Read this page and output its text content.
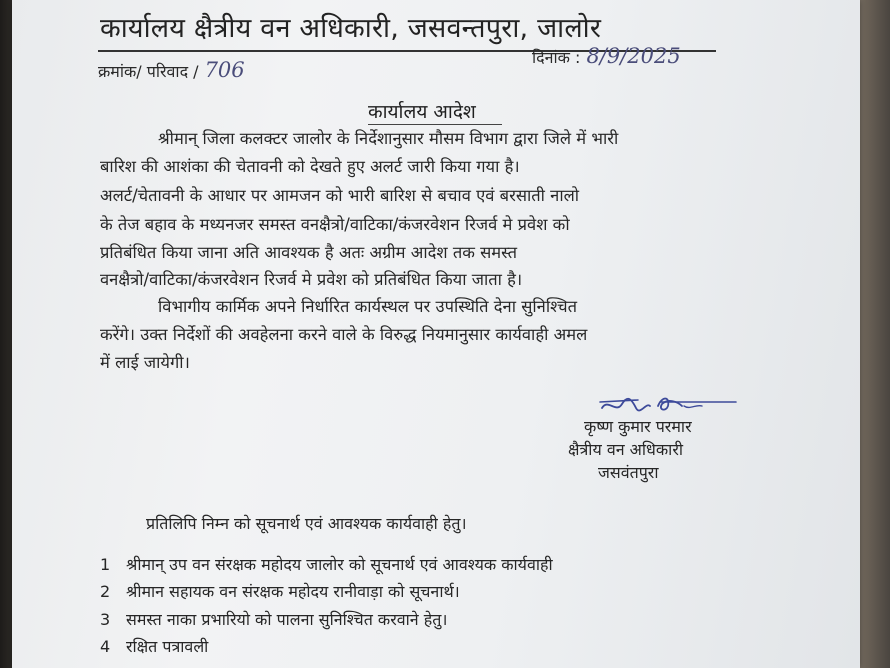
कार्यालय क्षैत्रीय वन अधिकारी, जसवन्तपुरा, जालोर
क्रमांक/ परिवाद / 706
दिनांक : 8/9/2025
कार्यालय आदेश
श्रीमान् जिला कलक्टर जालोर के निर्देशानुसार मौसम विभाग द्वारा जिले में भारी
बारिश की आशंका की चेतावनी को देखते हुए अलर्ट जारी किया गया है।
अलर्ट/चेतावनी के आधार पर आमजन को भारी बारिश से बचाव एवं बरसाती नालो
के तेज बहाव के मध्यनजर समस्त वनक्षैत्रो/वाटिका/कंजरवेशन रिजर्व मे प्रवेश को
प्रतिबंधित किया जाना अति आवश्यक है अतः अग्रीम आदेश तक समस्त
वनक्षैत्रो/वाटिका/कंजरवेशन रिजर्व मे प्रवेश को प्रतिबंधित किया जाता है।
विभागीय कार्मिक अपने निर्धारित कार्यस्थल पर उपस्थिति देना सुनिश्चित
करेंगे। उक्त निर्देशों की अवहेलना करने वाले के विरुद्ध नियमानुसार कार्यवाही अमल
में लाई जायेगी।
कृष्ण कुमार परमार
क्षैत्रीय वन अधिकारी
जसवंतपुरा
प्रतिलिपि निम्न को सूचनार्थ एवं आवश्यक कार्यवाही हेतु।
1 श्रीमान् उप वन संरक्षक महोदय जालोर को सूचनार्थ एवं आवश्यक कार्यवाही
2 श्रीमान सहायक वन संरक्षक महोदय रानीवाड़ा को सूचनार्थ।
3 समस्त नाका प्रभारियो को पालना सुनिश्चित करवाने हेतु।
4 रक्षित पत्रावली
